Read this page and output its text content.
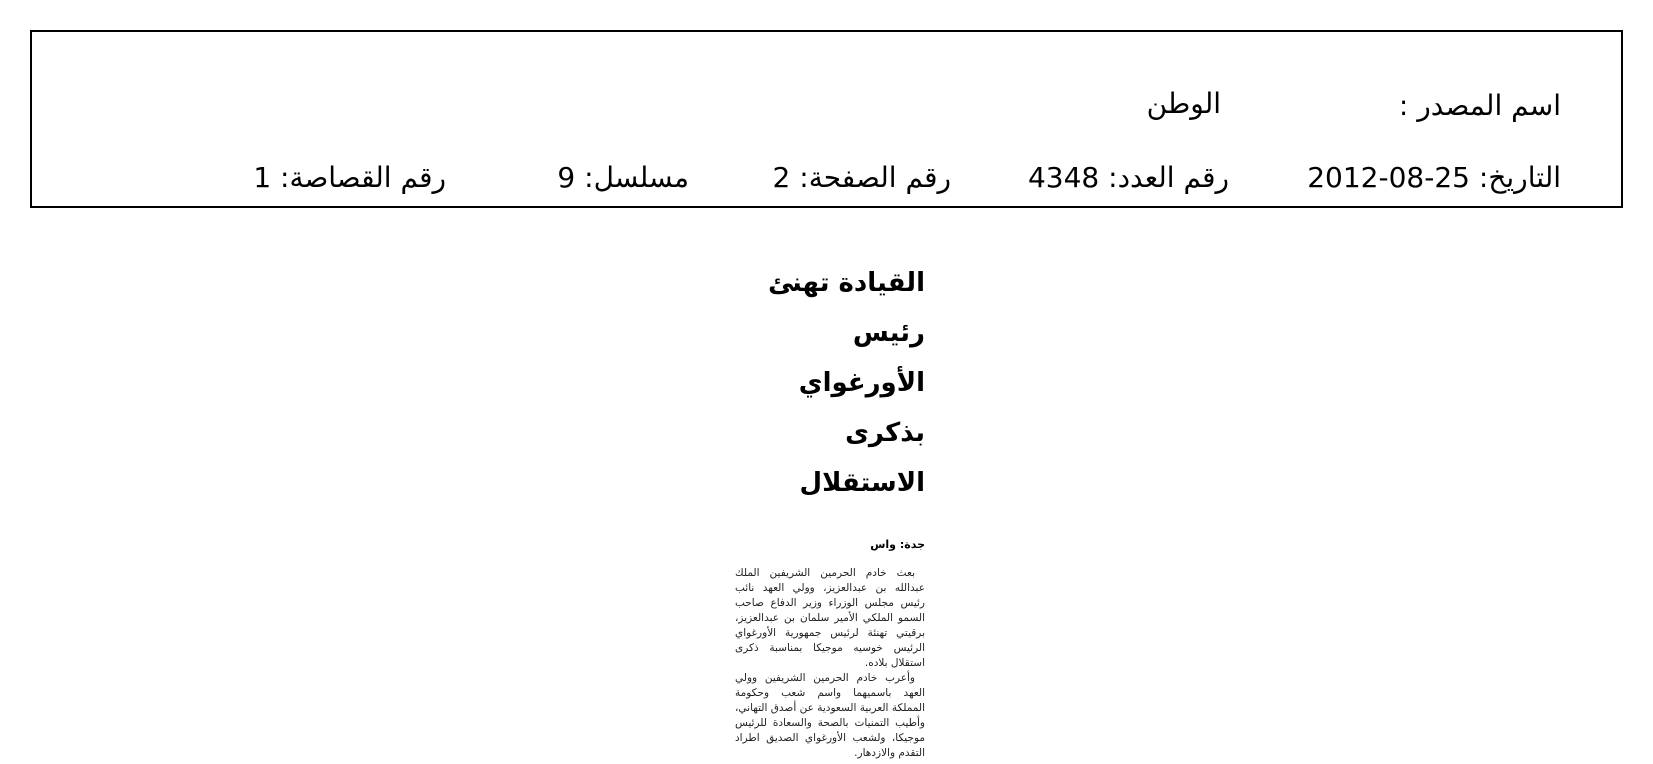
اسم المصدر :
الوطن
التاريخ: 25-08-2012
رقم العدد: 4348
رقم الصفحة: 2
مسلسل: 9
رقم القصاصة: 1
القيادة تهنئ
رئيس الأورغواي
بذكرى الاستقلال
جدة: واس

بعث خادم الحرمين الشريفين الملك عبدالله بن عبدالعزيز، وولي العهد نائب رئيس مجلس الوزراء وزير الدفاع صاحب السمو الملكي الأمير سلمان بن عبدالعزيز، برقيتي تهنئة لرئيس جمهورية الأورغواي الرئيس خوسيه موجيكا بمناسبة ذكرى استقلال بلاده.

وأعرب خادم الحرمين الشريفين وولي العهد باسميهما واسم شعب وحكومة المملكة العربية السعودية عن أصدق التهاني، وأطيب التمنيات بالصحة والسعادة للرئيس موجيكا، ولشعب الأورغواي الصديق اطراد التقدم والازدهار.
